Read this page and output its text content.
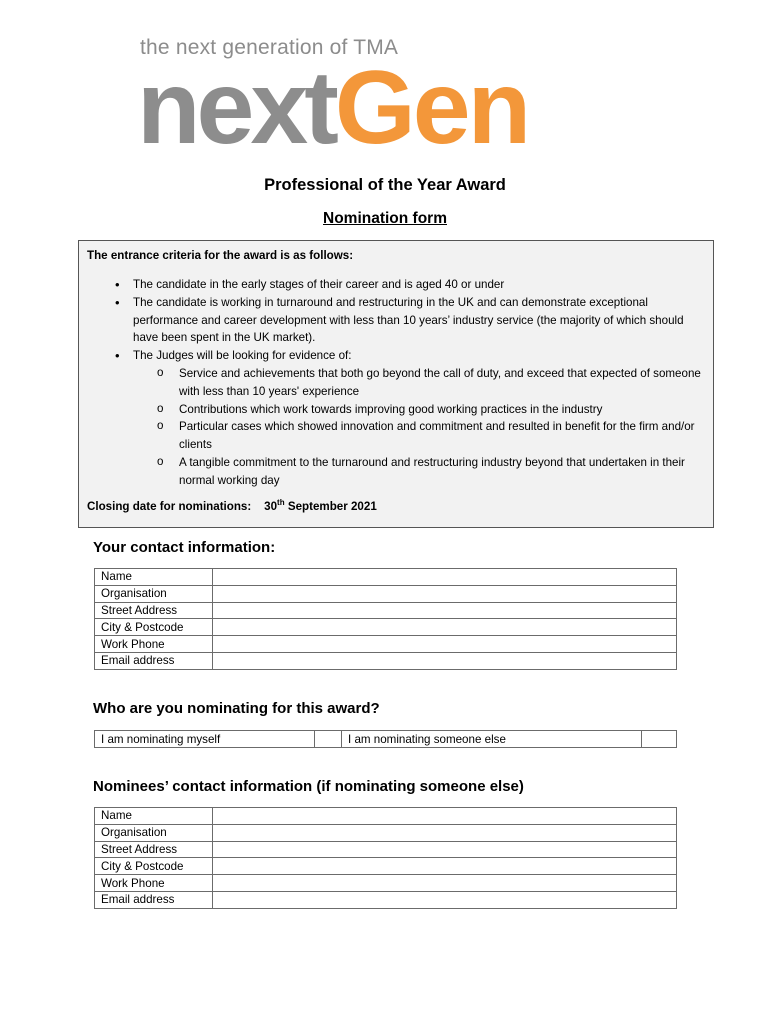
the next generation of TMA
nextGen
Professional of the Year Award
Nomination form
The entrance criteria for the award is as follows:
• The candidate in the early stages of their career and is aged 40 or under
• The candidate is working in turnaround and restructuring in the UK and can demonstrate exceptional performance and career development with less than 10 years’ industry service (the majority of which should have been spent in the UK market).
• The Judges will be looking for evidence of:
o Service and achievements that both go beyond the call of duty, and exceed that expected of someone with less than 10 years' experience
o Contributions which work towards improving good working practices in the industry
o Particular cases which showed innovation and commitment and resulted in benefit for the firm and/or clients
o A tangible commitment to the turnaround and restructuring industry beyond that undertaken in their normal working day
Closing date for nominations: 30th September 2021
Your contact information:
Name	
Organisation	
Street Address	
City & Postcode	
Work Phone	
Email address	
Who are you nominating for this award?
I am nominating myself		I am nominating someone else	
Nominees’ contact information (if nominating someone else)
Name	
Organisation	
Street Address	
City & Postcode	
Work Phone	
Email address	
